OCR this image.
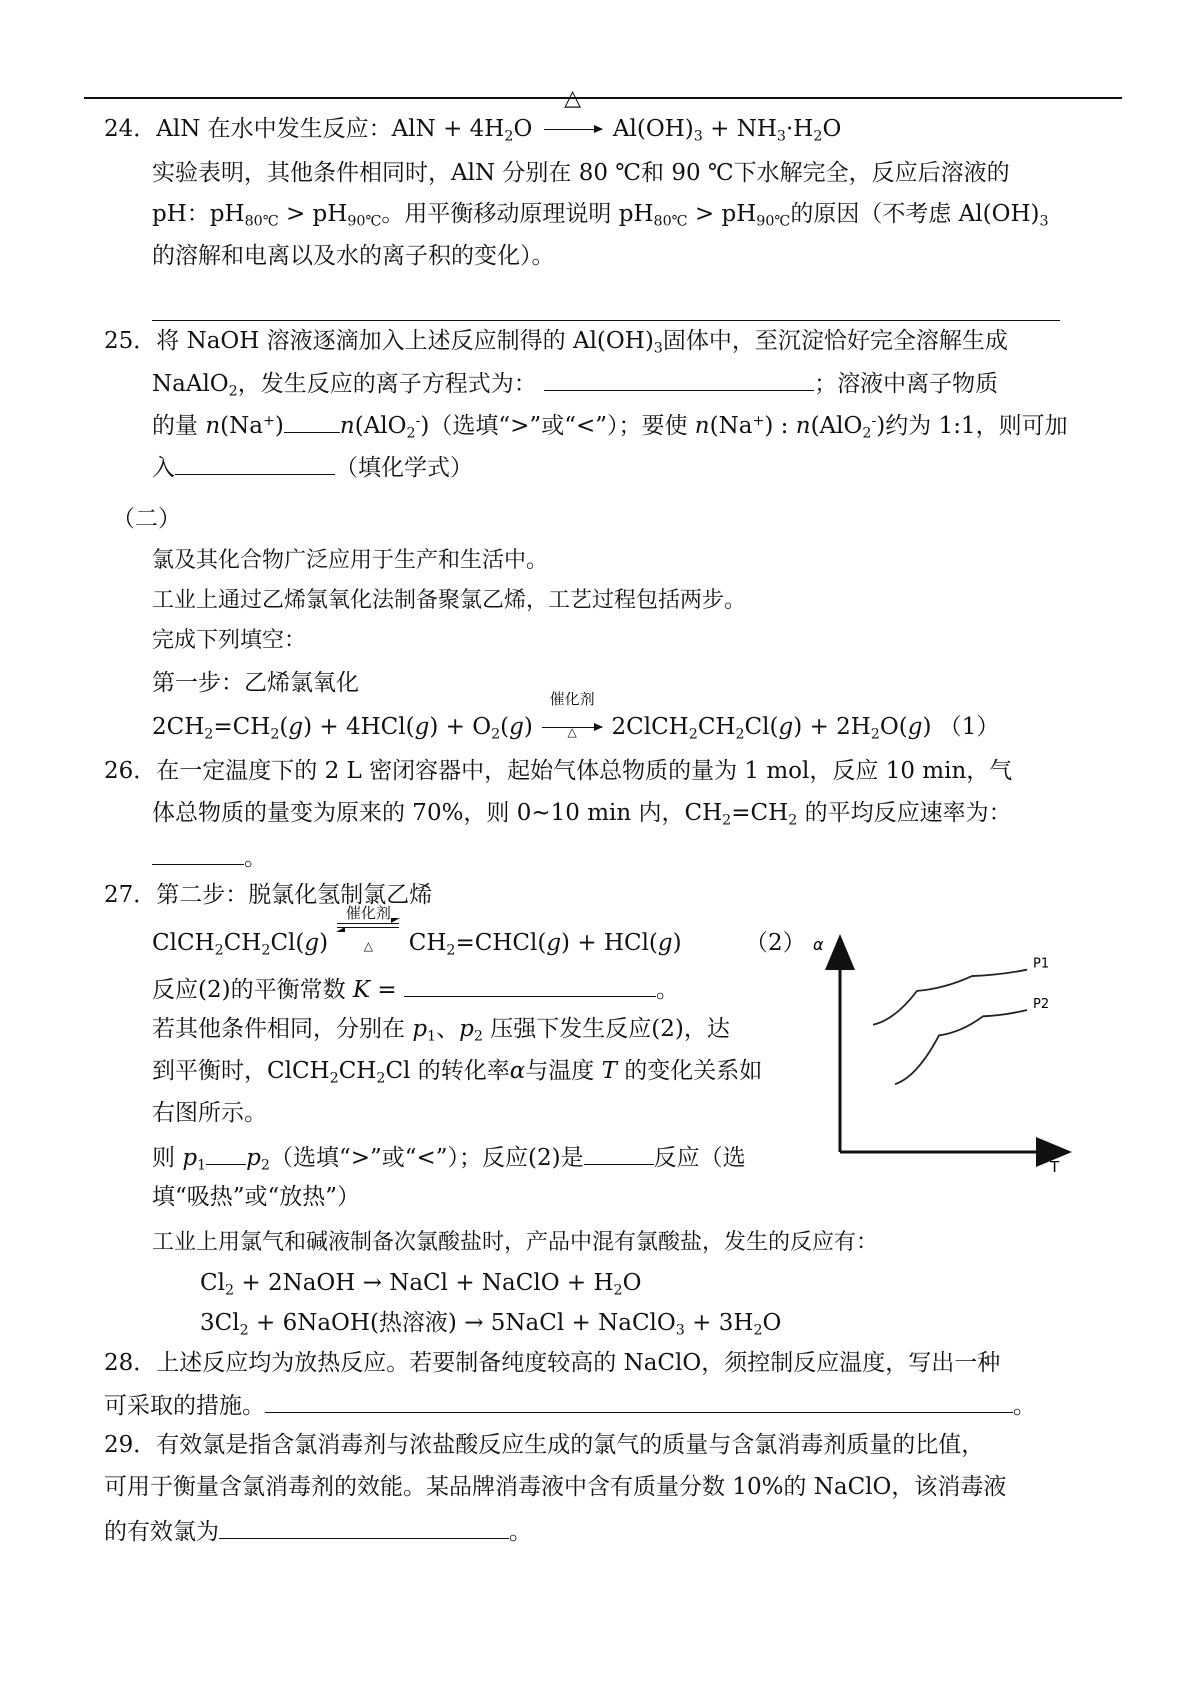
24．AlN 在水中发生反应：AlN + $4H_2O$
△
$Al(OH)_3 + NH_3\cdot H_2O$
实验表明，其他条件相同时，AlN 分别在 80 ℃和 90 ℃下水解完全，反应后溶液的
pH：$pH_{80℃} > pH_{90℃}$。用平衡移动原理说明 $pH_{80℃} > pH_{90℃}$的原因（不考虑 $Al(OH)_3$
的溶解和电离以及水的离子积的变化）。
25．将 NaOH 溶液逐滴加入上述反应制得的 $Al(OH)_3$固体中，至沉淀恰好完全溶解生成
NaAlO$_2$，发生反应的离子方程式为：	；溶液中离子物质
的量 n(Na+) n(AlO$_2$-)（选填“>”或“<”）；要使 n(Na+) : n(AlO$_2$-)约为 1:1，则可加
入	（填化学式）
（二）
氯及其化合物广泛应用于生产和生活中。
工业上通过乙烯氯氧化法制备聚氯乙烯，工艺过程包括两步。
完成下列填空：
第一步：乙烯氯氧化
$2CH_2=CH_2(g) + 4HCl(g) + O_2(g)$
催化剂
△	$2ClCH_2CH_2Cl(g) + 2H_2O(g)$ （1）
26．在一定温度下的 2 L 密闭容器中，起始气体总物质的量为 1 mol，反应 10 min，气
体总物质的量变为原来的 70%，则 0~10 min 内，$CH_2=CH_2$ 的平均反应速率为：
。
27．第二步：脱氯化氢制氯乙烯
$ClCH_2CH_2Cl(g)$
催化剂
△	$CH_2=CHCl(g) + HCl(g)$ （2）
反应(2)的平衡常数 K =	。
若其他条件相同，分别在 $p_1$、$p_2$ 压强下发生反应(2)，达
到平衡时，$ClCH_2CH_2Cl$ 的转化率α与温度 T 的变化关系如
右图所示。
则 $p_1$ $p_2$（选填“>”或“<”）；反应(2)是	反应（选
填“吸热”或“放热”）
α
T
P1
P2
工业上用氯气和碱液制备次氯酸盐时，产品中混有氯酸盐，发生的反应有：
$Cl_2$ + 2NaOH → NaCl + NaClO + $H_2O$
$3Cl_2$ + 6NaOH(热溶液) → 5NaCl + NaClO$_3$ + $3H_2O$
28．上述反应均为放热反应。若要制备纯度较高的 NaClO，须控制反应温度，写出一种
可采取的措施。	。
29．有效氯是指含氯消毒剂与浓盐酸反应生成的氯气的质量与含氯消毒剂质量的比值，
可用于衡量含氯消毒剂的效能。某品牌消毒液中含有质量分数 10%的 NaClO，该消毒液
的有效氯为	。
